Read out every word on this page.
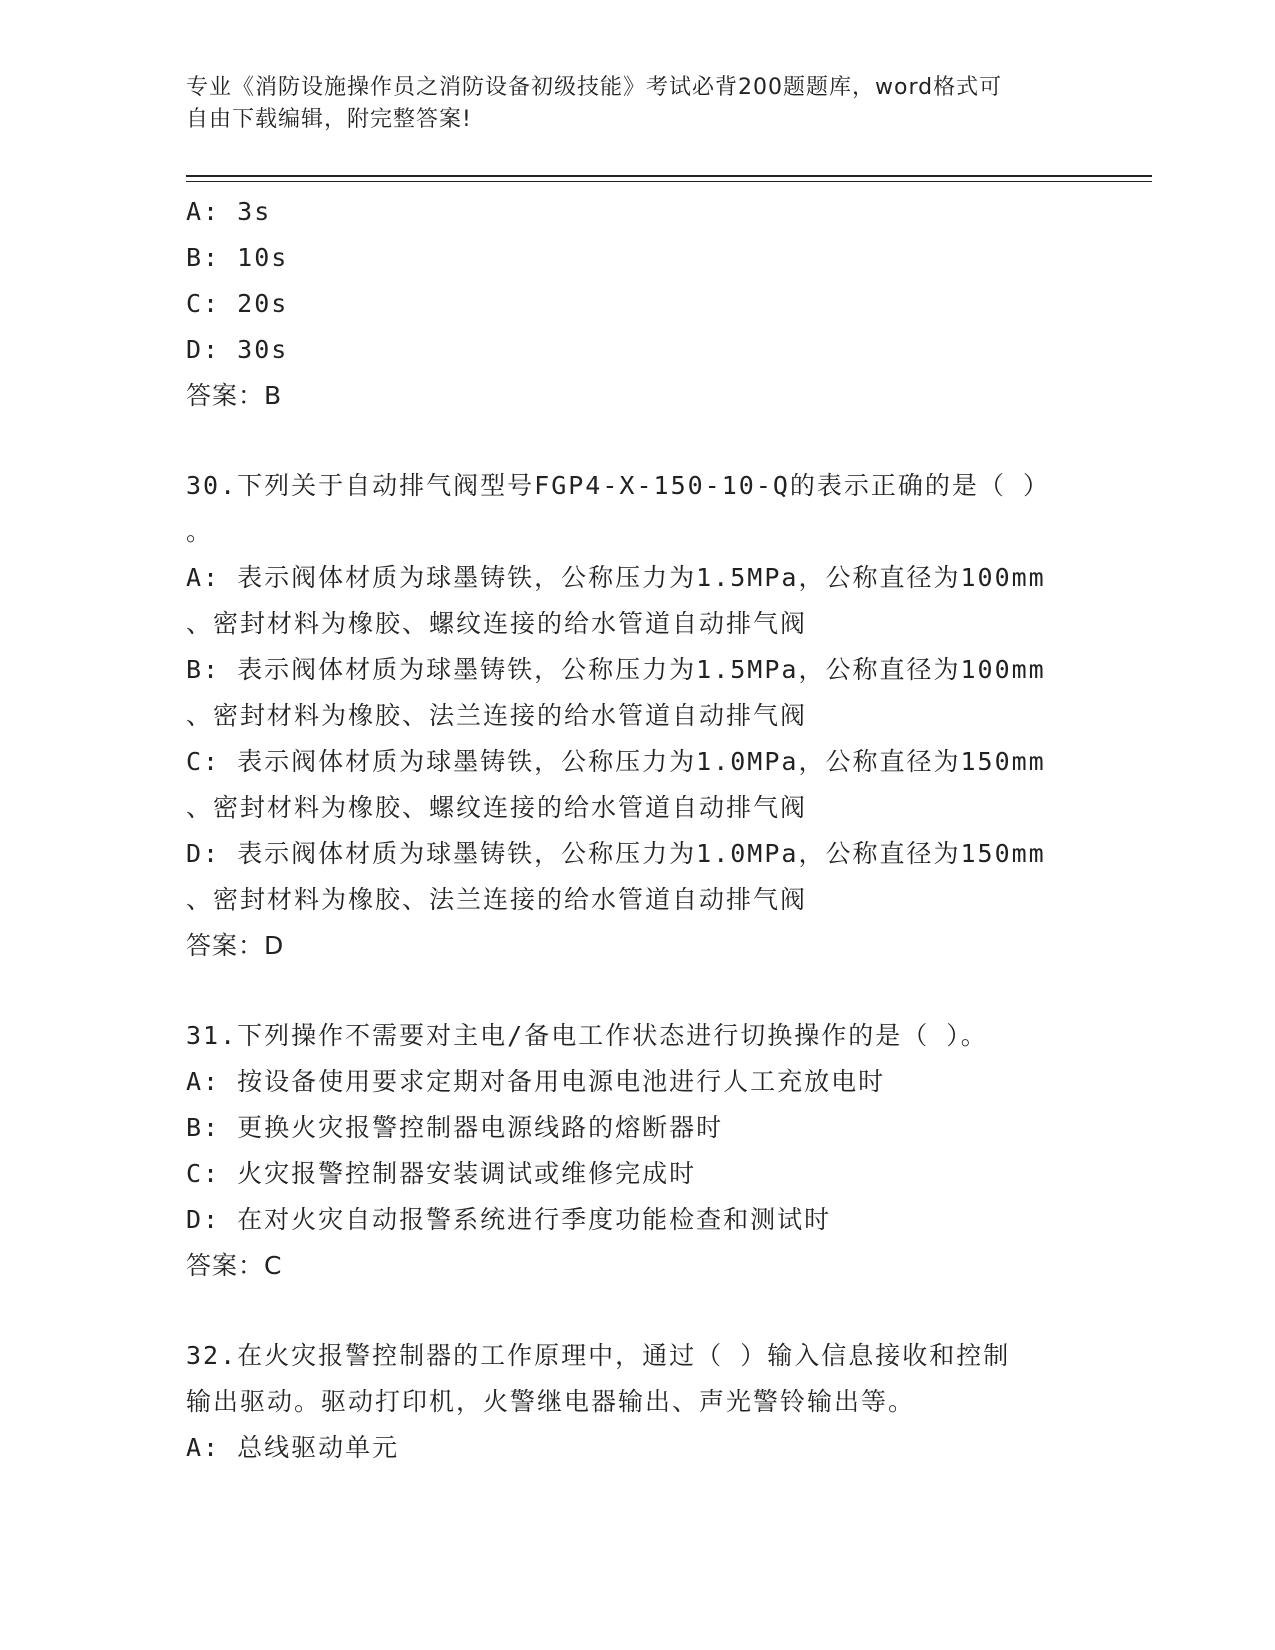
专业《消防设施操作员之消防设备初级技能》考试必背200题题库，word格式可
自由下载编辑，附完整答案!
A: 3s
B: 10s
C: 20s
D: 30s
答案：B
30.下列关于自动排气阀型号FGP4-X-150-10-Q的表示正确的是（ ）
。
A: 表示阀体材质为球墨铸铁，公称压力为1.5MPa，公称直径为100mm
、密封材料为橡胶、螺纹连接的给水管道自动排气阀
B: 表示阀体材质为球墨铸铁，公称压力为1.5MPa，公称直径为100mm
、密封材料为橡胶、法兰连接的给水管道自动排气阀
C: 表示阀体材质为球墨铸铁，公称压力为1.0MPa，公称直径为150mm
、密封材料为橡胶、螺纹连接的给水管道自动排气阀
D: 表示阀体材质为球墨铸铁，公称压力为1.0MPa，公称直径为150mm
、密封材料为橡胶、法兰连接的给水管道自动排气阀
答案：D
31.下列操作不需要对主电/备电工作状态进行切换操作的是（ ）。
A: 按设备使用要求定期对备用电源电池进行人工充放电时
B: 更换火灾报警控制器电源线路的熔断器时
C: 火灾报警控制器安装调试或维修完成时
D: 在对火灾自动报警系统进行季度功能检查和测试时
答案：C
32.在火灾报警控制器的工作原理中，通过（ ）输入信息接收和控制
输出驱动。驱动打印机，火警继电器输出、声光警铃输出等。
A: 总线驱动单元
